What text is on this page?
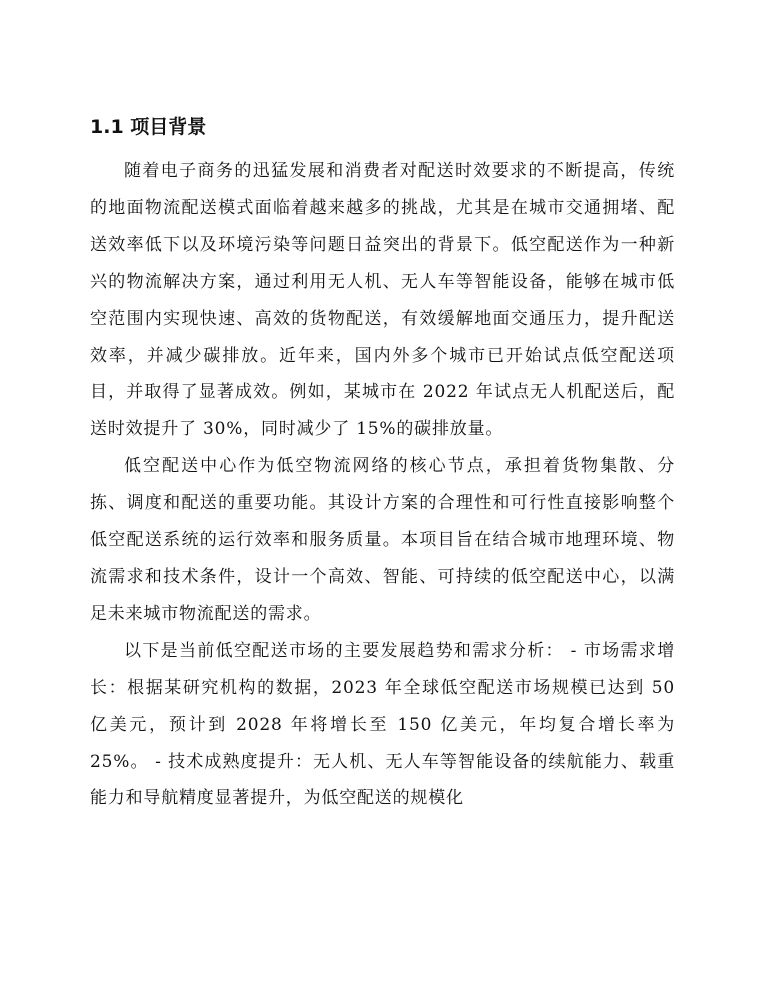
1.1 项目背景

随着电子商务的迅猛发展和消费者对配送时效要求的不断提高，传统的地面物流配送模式面临着越来越多的挑战，尤其是在城市交通拥堵、配送效率低下以及环境污染等问题日益突出的背景下。低空配送作为一种新兴的物流解决方案，通过利用无人机、无人车等智能设备，能够在城市低空范围内实现快速、高效的货物配送，有效缓解地面交通压力，提升配送效率，并减少碳排放。近年来，国内外多个城市已开始试点低空配送项目，并取得了显著成效。例如，某城市在 2022 年试点无人机配送后，配送时效提升了 30%，同时减少了 15%的碳排放量。

低空配送中心作为低空物流网络的核心节点，承担着货物集散、分拣、调度和配送的重要功能。其设计方案的合理性和可行性直接影响整个低空配送系统的运行效率和服务质量。本项目旨在结合城市地理环境、物流需求和技术条件，设计一个高效、智能、可持续的低空配送中心，以满足未来城市物流配送的需求。

以下是当前低空配送市场的主要发展趋势和需求分析： - 市场需求增长：根据某研究机构的数据，2023 年全球低空配送市场规模已达到 50 亿美元，预计到 2028 年将增长至 150 亿美元，年均复合增长率为 25%。 - 技术成熟度提升：无人机、无人车等智能设备的续航能力、载重能力和导航精度显著提升，为低空配送的规模化
